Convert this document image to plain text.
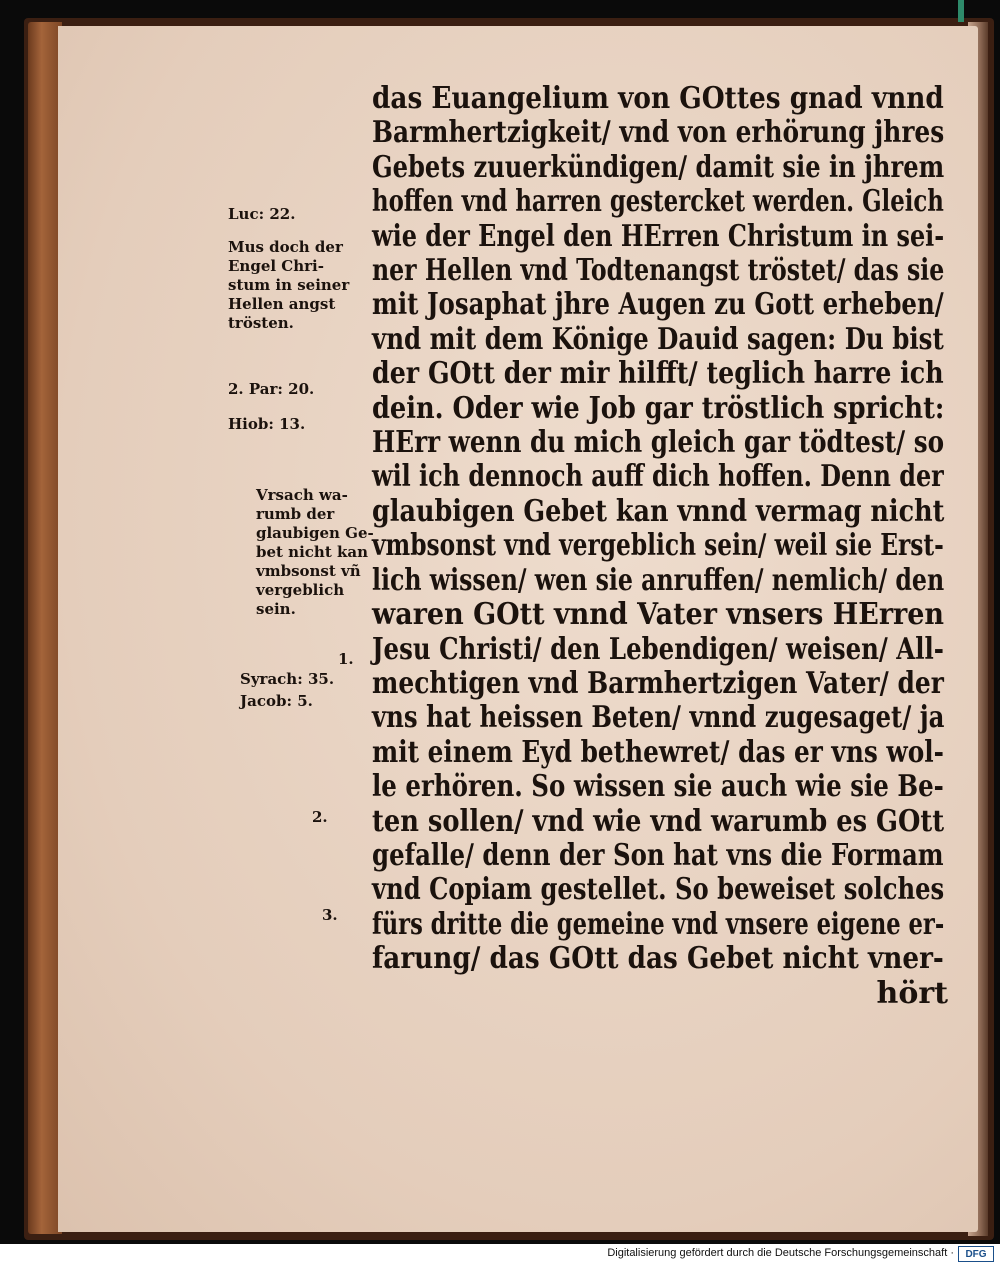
das Euangelium von GOttes gnad vnnd
Barmhertzigkeit/ vnd von erhörung jhres
Gebets zuuerkündigen/ damit sie in jhrem
hoffen vnd harren gestercket werden. Gleich
wie der Engel den HErren Christum in sei-
ner Hellen vnd Todtenangst tröstet/ das sie
mit Josaphat jhre Augen zu Gott erheben/
vnd mit dem Könige Dauid sagen: Du bist
der GOtt der mir hilfft/ teglich harre ich
dein. Oder wie Job gar tröstlich spricht:
HErr wenn du mich gleich gar tödtest/ so
wil ich dennoch auff dich hoffen. Denn der
glaubigen Gebet kan vnnd vermag nicht
vmbsonst vnd vergeblich sein/ weil sie Erst-
lich wissen/ wen sie anruffen/ nemlich/ den
waren GOtt vnnd Vater vnsers HErren
Jesu Christi/ den Lebendigen/ weisen/ All-
mechtigen vnd Barmhertzigen Vater/ der
vns hat heissen Beten/ vnnd zugesaget/ ja
mit einem Eyd bethewret/ das er vns wol-
le erhören. So wissen sie auch wie sie Be-
ten sollen/ vnd wie vnd warumb es GOtt
gefalle/ denn der Son hat vns die Formam
vnd Copiam gestellet. So beweiset solches
fürs dritte die gemeine vnd vnsere eigene er-
farung/ das GOtt das Gebet nicht vner-
hört
Luc: 22.
Mus doch der
Engel Chri-
stum in seiner
Hellen angst
trösten.
2. Par: 20.
Hiob: 13.
Vrsach wa-
rumb der
glaubigen Ge-
bet nicht kan
vmbsonst vñ
vergeblich
sein.
1.
Syrach: 35.
Jacob: 5.
2.
3.
Digitalisierung gefördert durch die Deutsche Forschungsgemeinschaft ·	DFG
